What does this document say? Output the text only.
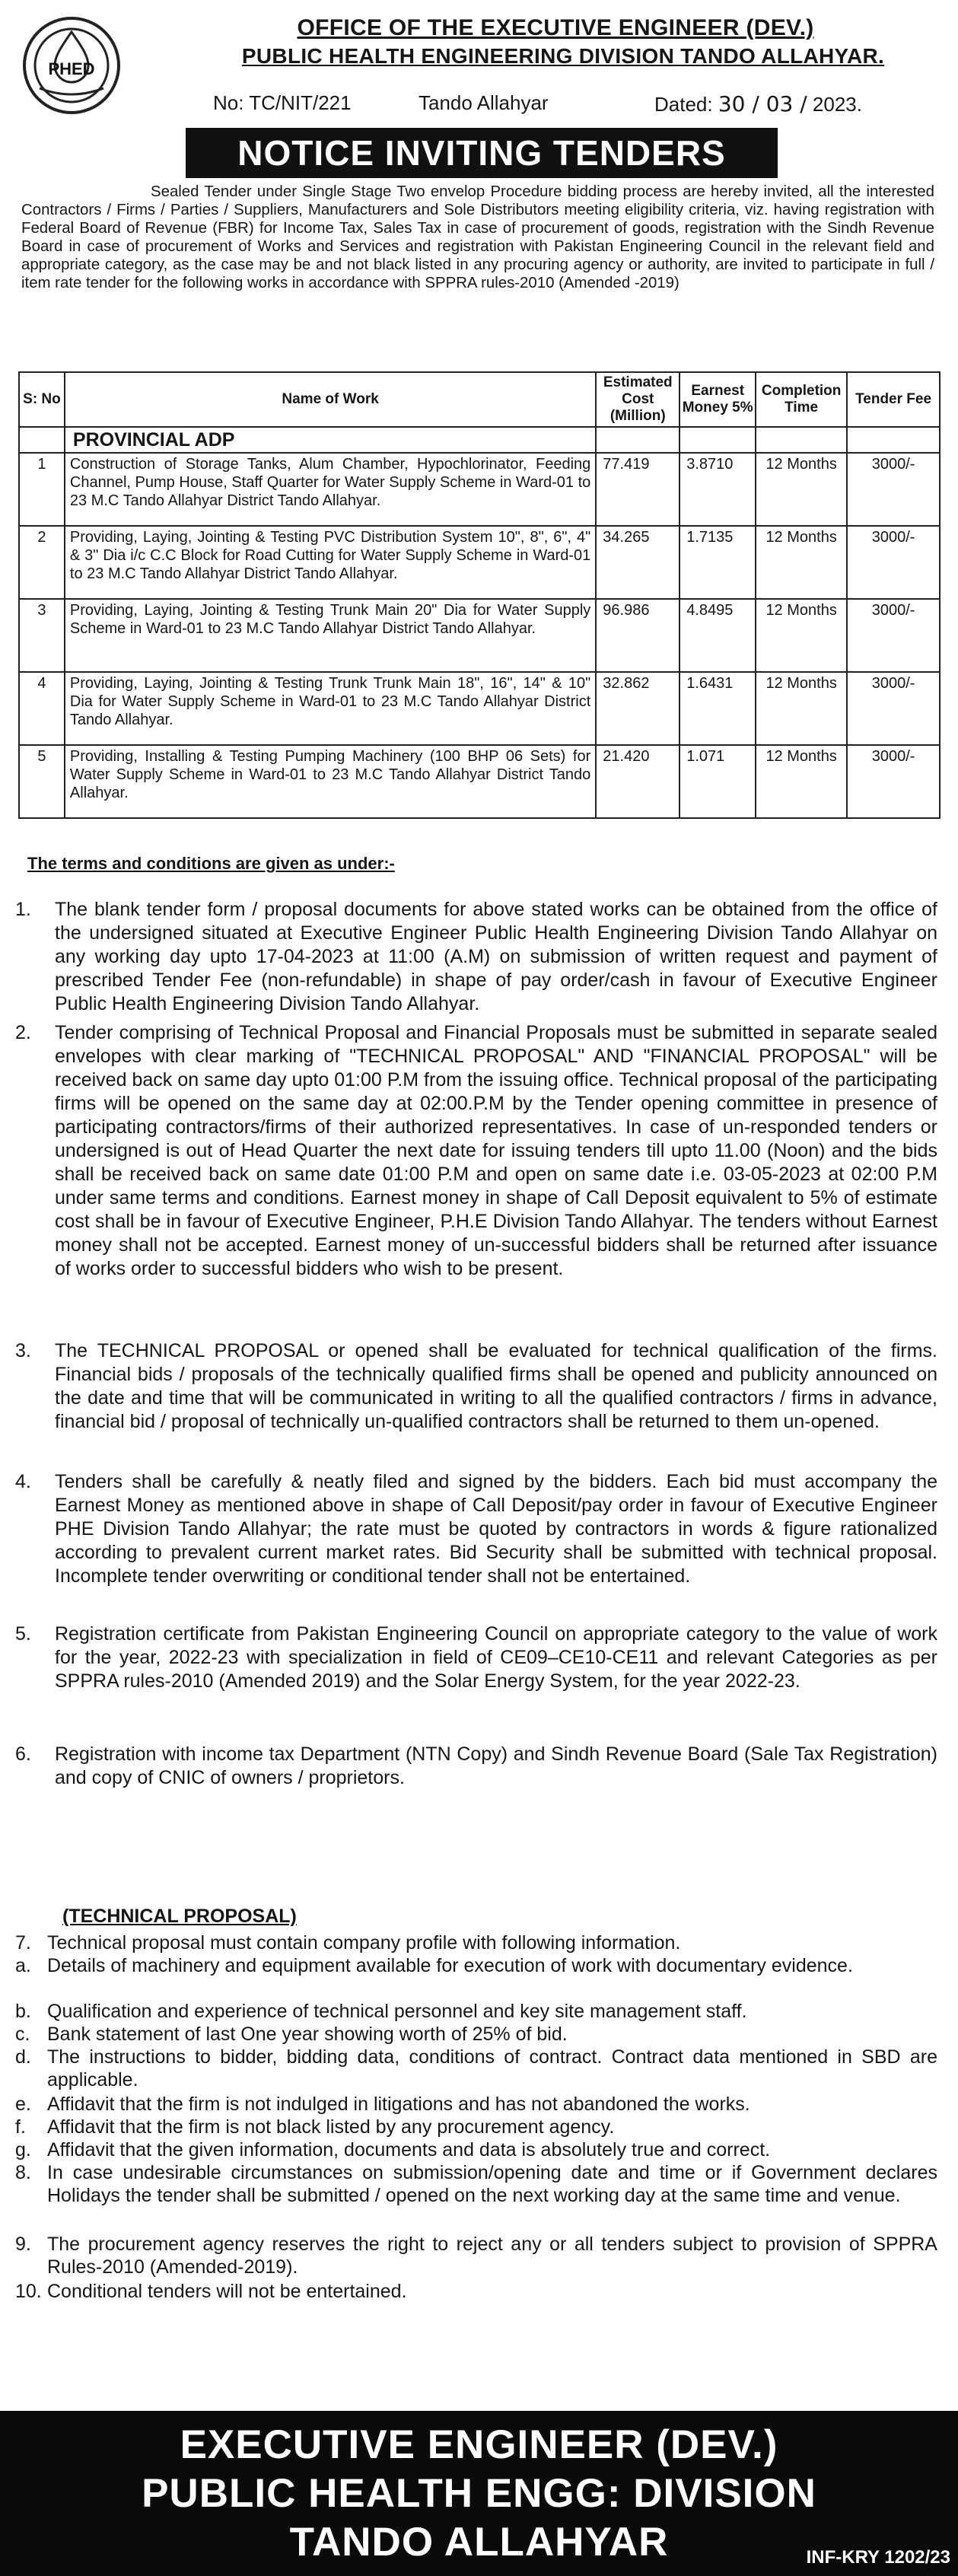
PHED
OFFICE OF THE EXECUTIVE ENGINEER (DEV.)
PUBLIC HEALTH ENGINEERING DIVISION TANDO ALLAHYAR.
No: TC/NIT/221	Tando Allahyar	Dated: 30 / 03 / 2023.
NOTICE INVITING TENDERS
Sealed Tender under Single Stage Two envelop Procedure bidding process are hereby invited, all the interested Contractors / Firms / Parties / Suppliers, Manufacturers and Sole Distributors meeting eligibility criteria, viz. having registration with Federal Board of Revenue (FBR) for Income Tax, Sales Tax in case of procurement of goods, registration with the Sindh Revenue Board in case of procurement of Works and Services and registration with Pakistan Engineering Council in the relevant field and appropriate category, as the case may be and not black listed in any procuring agency or authority, are invited to participate in full / item rate tender for the following works in accordance with SPPRA rules-2010 (Amended -2019)
S: No	Name of Work	Estimated Cost (Million)	Earnest Money 5%	Completion Time	Tender Fee
	PROVINCIAL ADP				
1	Construction of Storage Tanks, Alum Chamber, Hypochlorinator, Feeding Channel, Pump House, Staff Quarter for Water Supply Scheme in Ward-01 to 23 M.C Tando Allahyar District Tando Allahyar.	77.419	3.8710	12 Months	3000/-
2	Providing, Laying, Jointing & Testing PVC Distribution System 10", 8", 6", 4" & 3" Dia i/c C.C Block for Road Cutting for Water Supply Scheme in Ward-01 to 23 M.C Tando Allahyar District Tando Allahyar.	34.265	1.7135	12 Months	3000/-
3	Providing, Laying, Jointing & Testing Trunk Main 20" Dia for Water Supply Scheme in Ward-01 to 23 M.C Tando Allahyar District Tando Allahyar.	96.986	4.8495	12 Months	3000/-
4	Providing, Laying, Jointing & Testing Trunk Trunk Main 18", 16", 14" & 10" Dia for Water Supply Scheme in Ward-01 to 23 M.C Tando Allahyar District Tando Allahyar.	32.862	1.6431	12 Months	3000/-
5	Providing, Installing & Testing Pumping Machinery (100 BHP 06 Sets) for Water Supply Scheme in Ward-01 to 23 M.C Tando Allahyar District Tando Allahyar.	21.420	1.071	12 Months	3000/-
The terms and conditions are given as under:-
1.	The blank tender form / proposal documents for above stated works can be obtained from the office of the undersigned situated at Executive Engineer Public Health Engineering Division Tando Allahyar on any working day upto 17-04-2023 at 11:00 (A.M) on submission of written request and payment of prescribed Tender Fee (non-refundable) in shape of pay order/cash in favour of Executive Engineer Public Health Engineering Division Tando Allahyar.
2.	Tender comprising of Technical Proposal and Financial Proposals must be submitted in separate sealed envelopes with clear marking of "TECHNICAL PROPOSAL" AND "FINANCIAL PROPOSAL" will be received back on same day upto 01:00 P.M from the issuing office. Technical proposal of the participating firms will be opened on the same day at 02:00.P.M by the Tender opening committee in presence of participating contractors/firms of their authorized representatives. In case of un-responded tenders or undersigned is out of Head Quarter the next date for issuing tenders till upto 11.00 (Noon) and the bids shall be received back on same date 01:00 P.M and open on same date i.e. 03-05-2023 at 02:00 P.M under same terms and conditions. Earnest money in shape of Call Deposit equivalent to 5% of estimate cost shall be in favour of Executive Engineer, P.H.E Division Tando Allahyar. The tenders without Earnest money shall not be accepted. Earnest money of un-successful bidders shall be returned after issuance of works order to successful bidders who wish to be present.
3.	The TECHNICAL PROPOSAL or opened shall be evaluated for technical qualification of the firms. Financial bids / proposals of the technically qualified firms shall be opened and publicity announced on the date and time that will be communicated in writing to all the qualified contractors / firms in advance, financial bid / proposal of technically un-qualified contractors shall be returned to them un-opened.
4.	Tenders shall be carefully & neatly filed and signed by the bidders. Each bid must accompany the Earnest Money as mentioned above in shape of Call Deposit/pay order in favour of Executive Engineer PHE Division Tando Allahyar; the rate must be quoted by contractors in words & figure rationalized according to prevalent current market rates. Bid Security shall be submitted with technical proposal. Incomplete tender overwriting or conditional tender shall not be entertained.
5.	Registration certificate from Pakistan Engineering Council on appropriate category to the value of work for the year, 2022-23 with specialization in field of CE09–CE10-CE11 and relevant Categories as per SPPRA rules-2010 (Amended 2019) and the Solar Energy System, for the year 2022-23.
6.	Registration with income tax Department (NTN Copy) and Sindh Revenue Board (Sale Tax Registration) and copy of CNIC of owners / proprietors.
(TECHNICAL PROPOSAL)
7. Technical proposal must contain company profile with following information.
a. Details of machinery and equipment available for execution of work with documentary evidence.
b. Qualification and experience of technical personnel and key site management staff.
c. Bank statement of last One year showing worth of 25% of bid.
d. The instructions to bidder, bidding data, conditions of contract. Contract data mentioned in SBD are applicable.
e. Affidavit that the firm is not indulged in litigations and has not abandoned the works.
f.	Affidavit that the firm is not black listed by any procurement agency.
g. Affidavit that the given information, documents and data is absolutely true and correct.
8. In case undesirable circumstances on submission/opening date and time or if Government declares Holidays the tender shall be submitted / opened on the next working day at the same time and venue.
9. The procurement agency reserves the right to reject any or all tenders subject to provision of SPPRA Rules-2010 (Amended-2019).
10. Conditional tenders will not be entertained.
EXECUTIVE ENGINEER (DEV.)
PUBLIC HEALTH ENGG: DIVISION
TANDO ALLAHYAR	INF-KRY 1202/23
